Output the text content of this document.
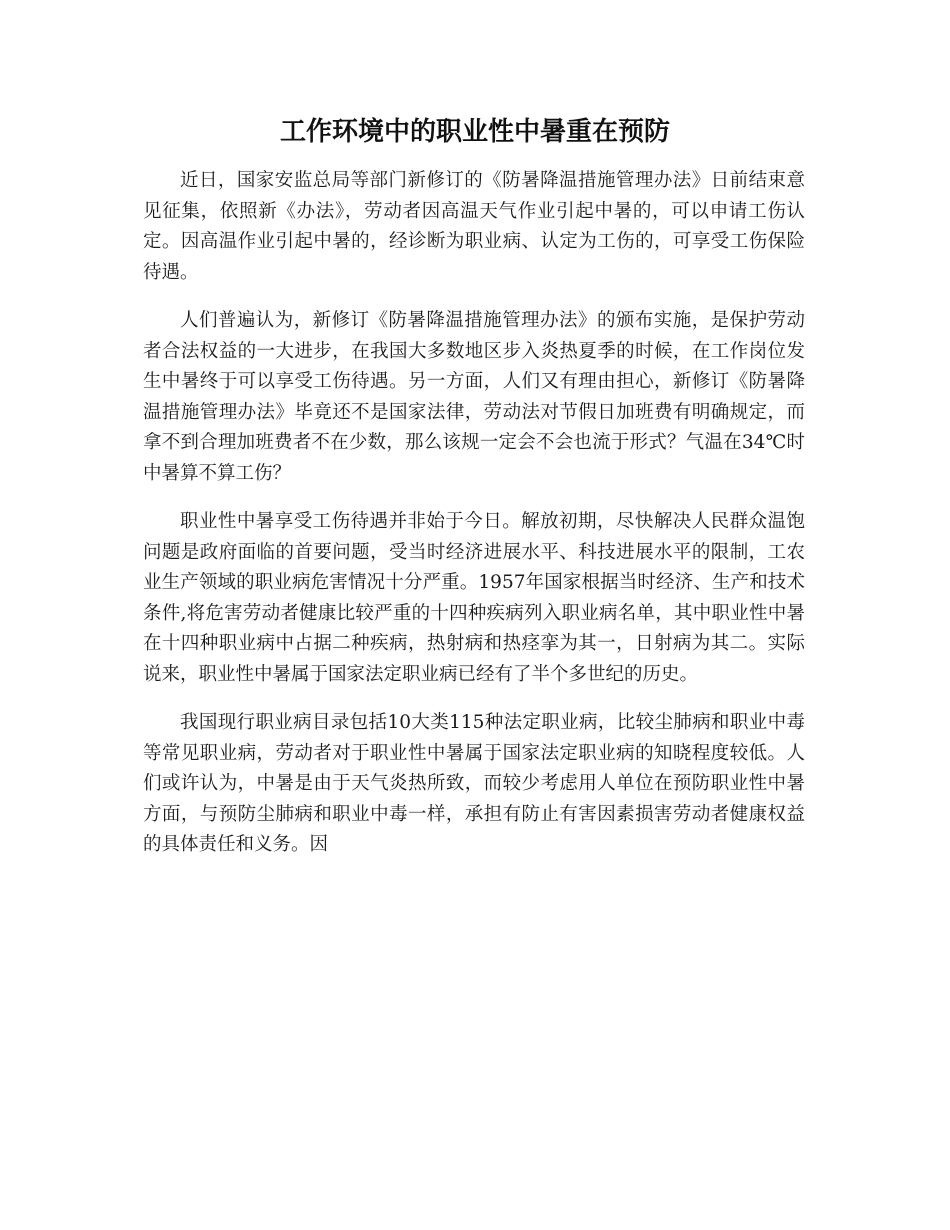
工作环境中的职业性中暑重在预防

近日，国家安监总局等部门新修订的《防暑降温措施管理办法》日前结束意见征集，依照新《办法》，劳动者因高温天气作业引起中暑的，可以申请工伤认定。因高温作业引起中暑的，经诊断为职业病、认定为工伤的，可享受工伤保险待遇。

人们普遍认为，新修订《防暑降温措施管理办法》的颁布实施，是保护劳动者合法权益的一大进步，在我国大多数地区步入炎热夏季的时候，在工作岗位发生中暑终于可以享受工伤待遇。另一方面，人们又有理由担心，新修订《防暑降温措施管理办法》毕竟还不是国家法律，劳动法对节假日加班费有明确规定，而拿不到合理加班费者不在少数，那么该规一定会不会也流于形式？气温在34℃时中暑算不算工伤？

职业性中暑享受工伤待遇并非始于今日。解放初期，尽快解决人民群众温饱问题是政府面临的首要问题，受当时经济进展水平、科技进展水平的限制，工农业生产领域的职业病危害情况十分严重。1957年国家根据当时经济、生产和技术条件,将危害劳动者健康比较严重的十四种疾病列入职业病名单，其中职业性中暑在十四种职业病中占据二种疾病，热射病和热痉挛为其一，日射病为其二。实际说来，职业性中暑属于国家法定职业病已经有了半个多世纪的历史。

我国现行职业病目录包括10大类115种法定职业病，比较尘肺病和职业中毒等常见职业病，劳动者对于职业性中暑属于国家法定职业病的知晓程度较低。人们或许认为，中暑是由于天气炎热所致，而较少考虑用人单位在预防职业性中暑方面，与预防尘肺病和职业中毒一样，承担有防止有害因素损害劳动者健康权益的具体责任和义务。因
